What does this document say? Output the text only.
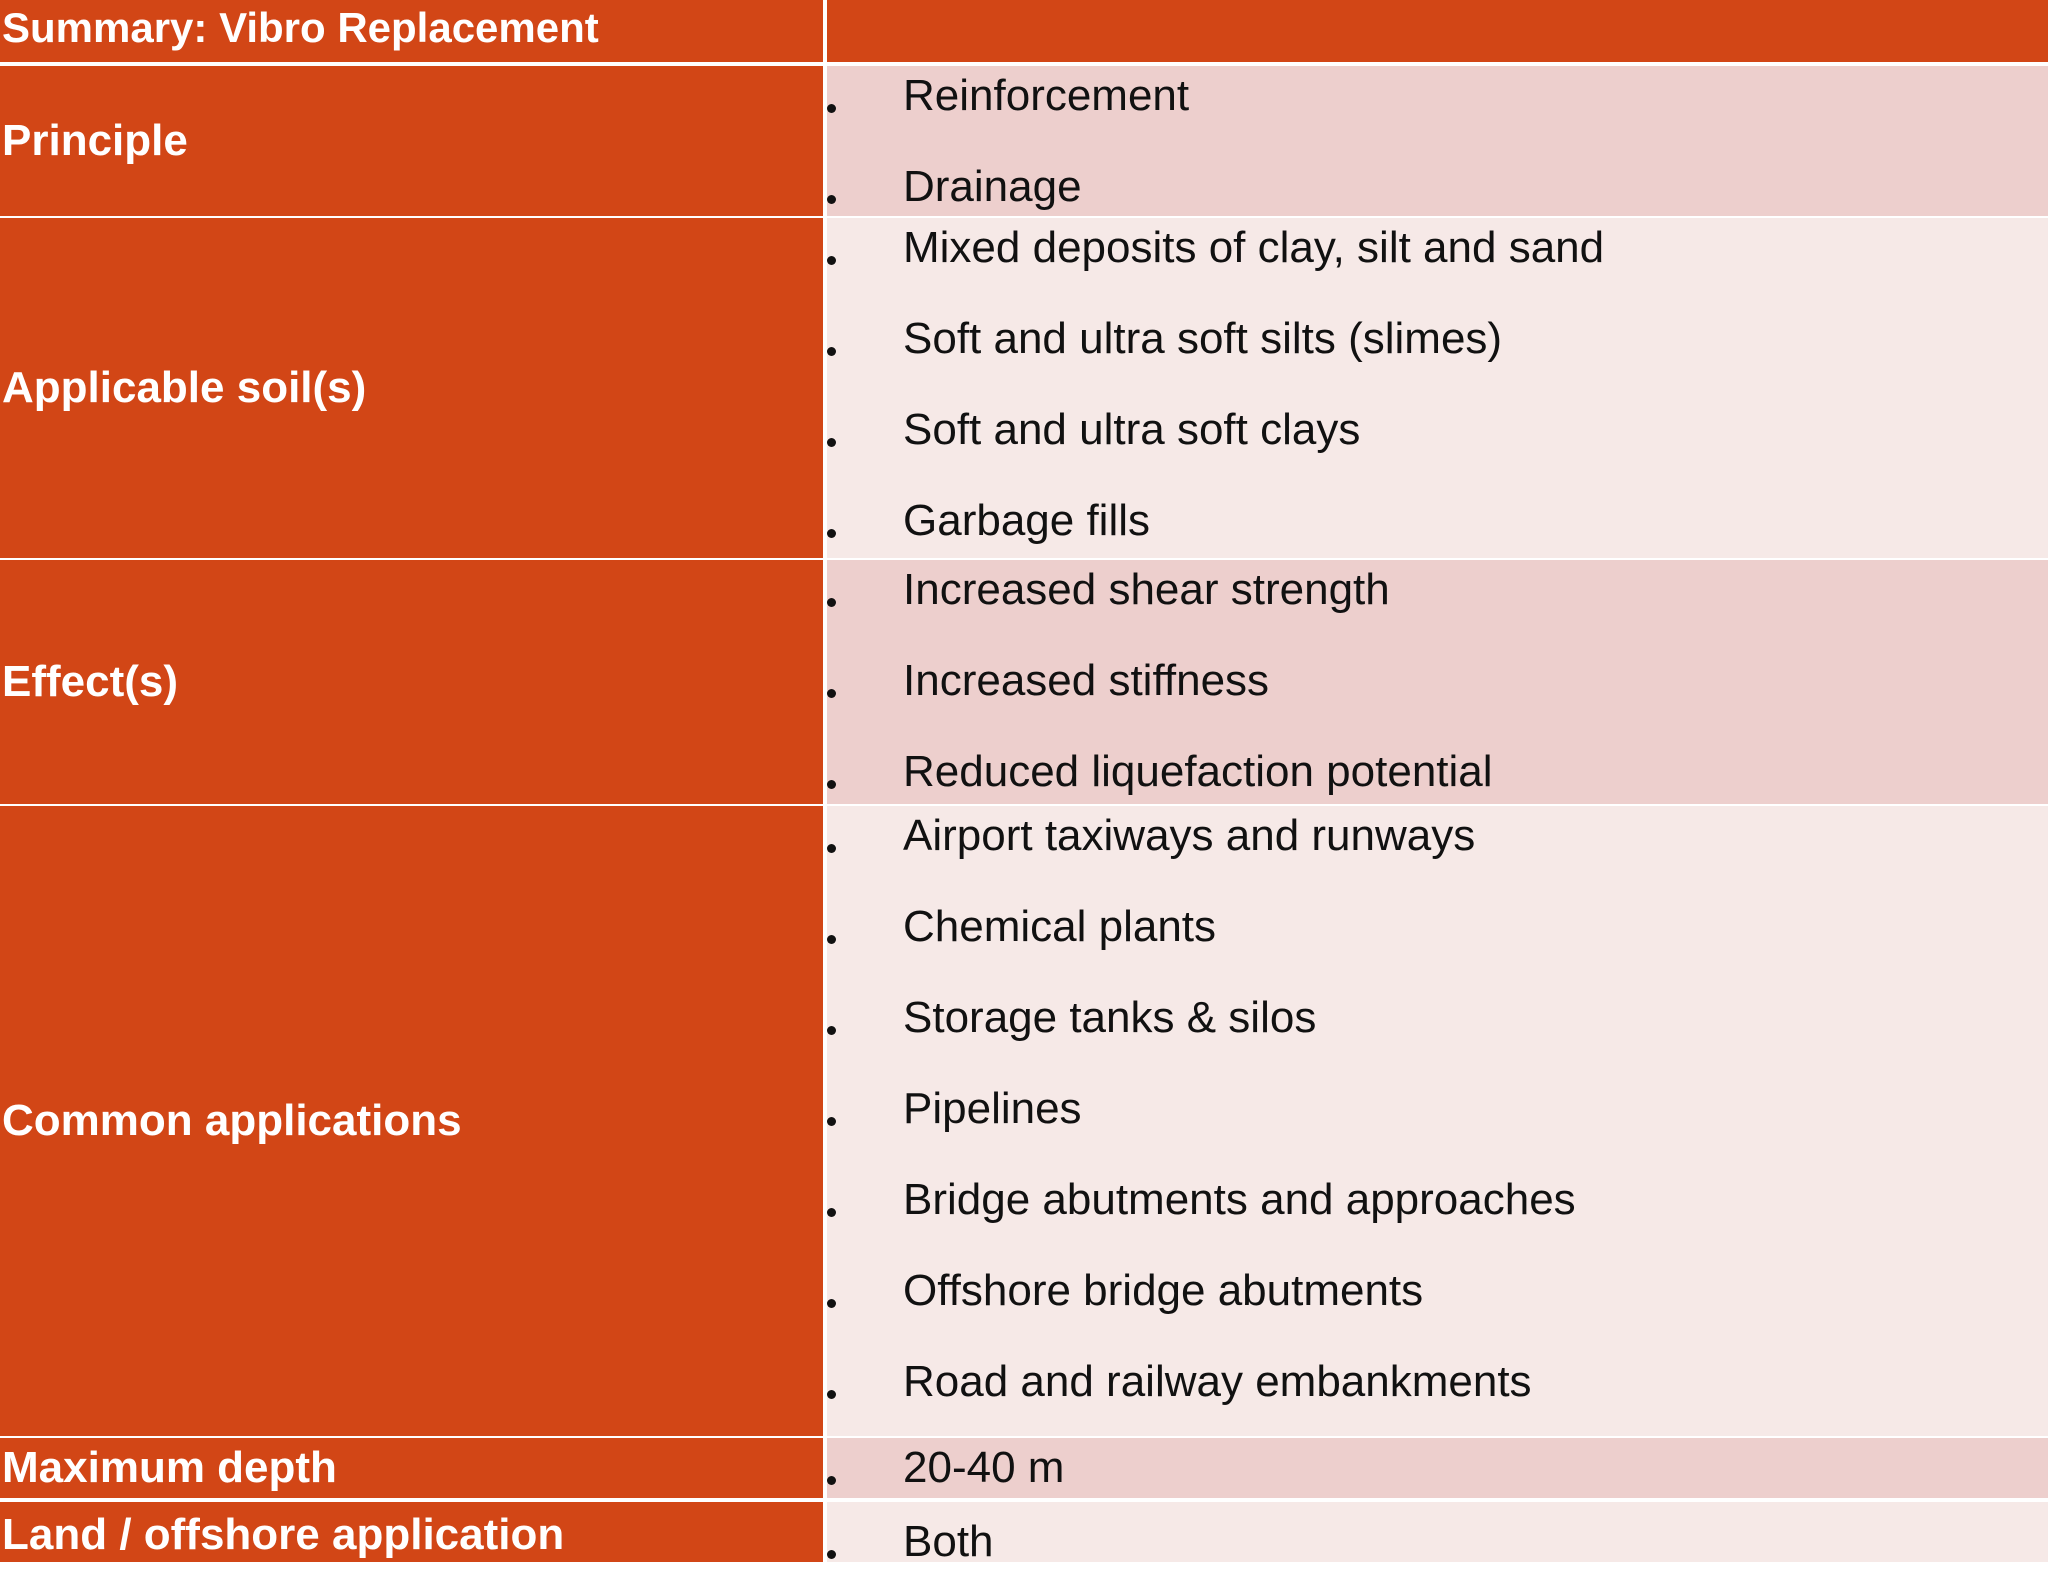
Summary: Vibro Replacement
Principle
Reinforcement
Drainage
Applicable soil(s)
Mixed deposits of clay, silt and sand
Soft and ultra soft silts (slimes)
Soft and ultra soft clays
Garbage fills
Effect(s)
Increased shear strength
Increased stiffness
Reduced liquefaction potential
Common applications
Airport taxiways and runways
Chemical plants
Storage tanks & silos
Pipelines
Bridge abutments and approaches
Offshore bridge abutments
Road and railway embankments
Maximum depth	20-40 m
Land / offshore application	Both
